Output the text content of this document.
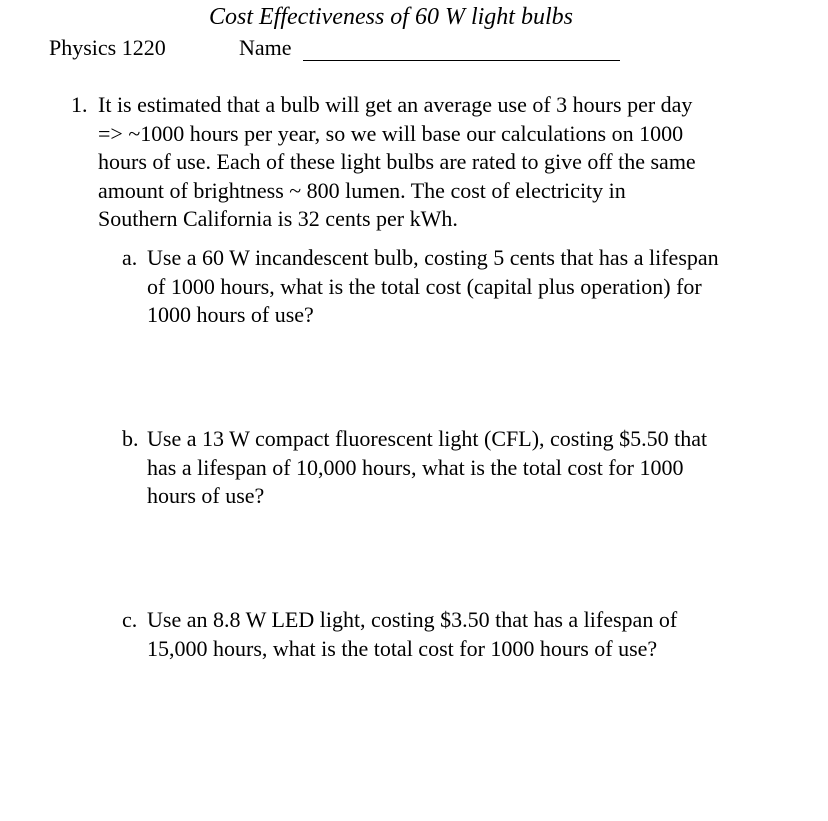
Cost Effectiveness of 60 W light bulbs
Physics 1220	Name
1. It is estimated that a bulb will get an average use of 3 hours per day
=> ~1000 hours per year, so we will base our calculations on 1000
hours of use. Each of these light bulbs are rated to give off the same
amount of brightness ~ 800 lumen. The cost of electricity in
Southern California is 32 cents per kWh.
a. Use a 60 W incandescent bulb, costing 5 cents that has a lifespan
of 1000 hours, what is the total cost (capital plus operation) for
1000 hours of use?
b. Use a 13 W compact fluorescent light (CFL), costing $5.50 that
has a lifespan of 10,000 hours, what is the total cost for 1000
hours of use?
c. Use an 8.8 W LED light, costing $3.50 that has a lifespan of
15,000 hours, what is the total cost for 1000 hours of use?
